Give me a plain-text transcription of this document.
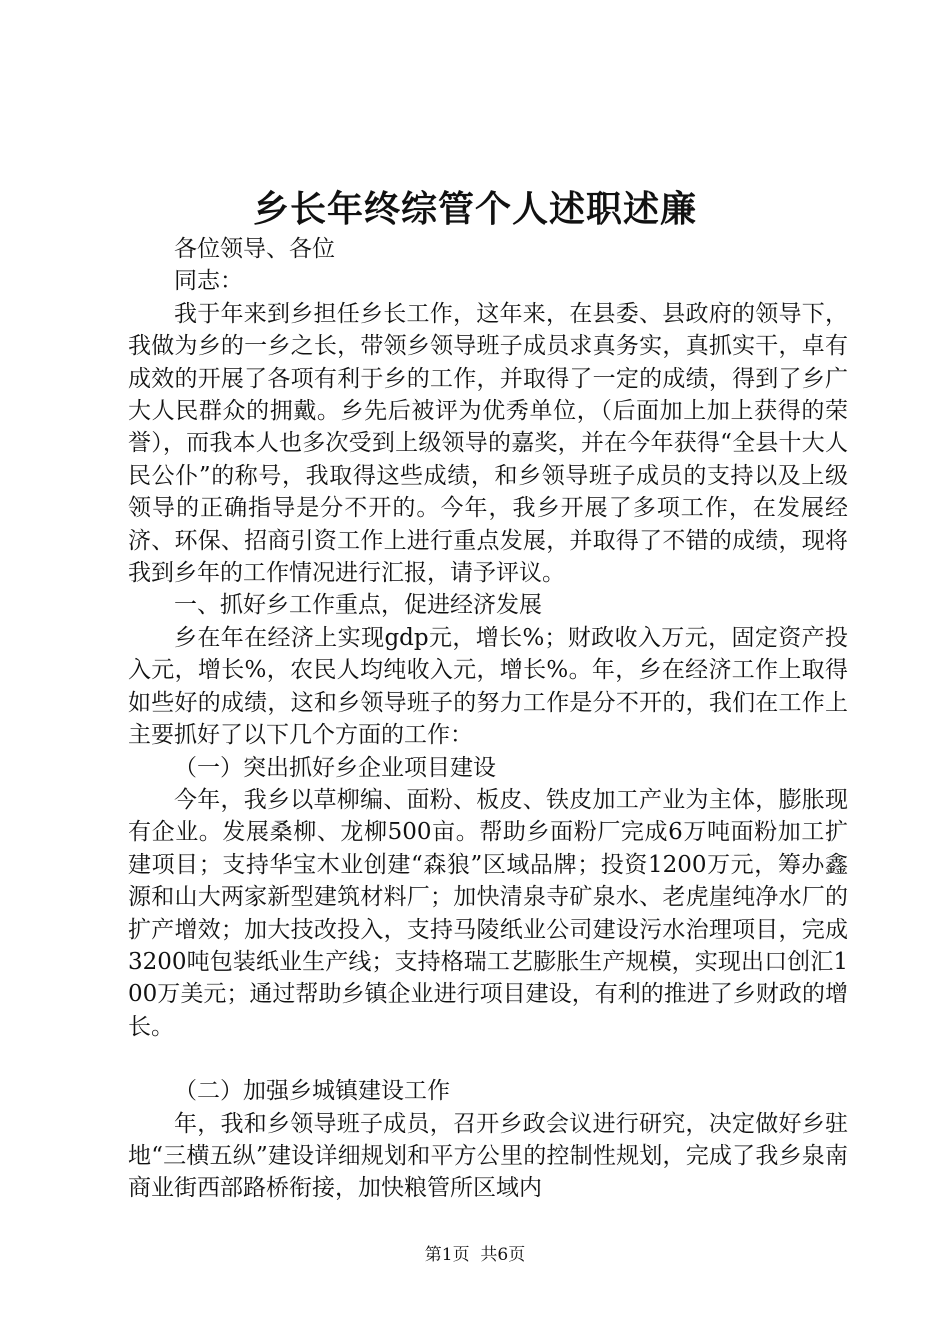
乡长年终综管个人述职述廉

各位领导、各位

同志：

我于年来到乡担任乡长工作，这年来，在县委、县政府的领导下，我做为乡的一乡之长，带领乡领导班子成员求真务实，真抓实干，卓有成效的开展了各项有利于乡的工作，并取得了一定的成绩，得到了乡广大人民群众的拥戴。乡先后被评为优秀单位，（后面加上加上获得的荣誉），而我本人也多次受到上级领导的嘉奖，并在今年获得“全县十大人民公仆”的称号，我取得这些成绩，和乡领导班子成员的支持以及上级领导的正确指导是分不开的。今年，我乡开展了多项工作，在发展经济、环保、招商引资工作上进行重点发展，并取得了不错的成绩，现将我到乡年的工作情况进行汇报，请予评议。

一、抓好乡工作重点，促进经济发展

乡在年在经济上实现gdp元，增长%；财政收入万元，固定资产投入元，增长%，农民人均纯收入元，增长%。年，乡在经济工作上取得如些好的成绩，这和乡领导班子的努力工作是分不开的，我们在工作上主要抓好了以下几个方面的工作：

（一）突出抓好乡企业项目建设

今年，我乡以草柳编、面粉、板皮、铁皮加工产业为主体，膨胀现有企业。发展桑柳、龙柳500亩。帮助乡面粉厂完成6万吨面粉加工扩建项目；支持华宝木业创建“森狼”区域品牌；投资1200万元，筹办鑫源和山大两家新型建筑材料厂；加快清泉寺矿泉水、老虎崖纯净水厂的扩产增效；加大技改投入，支持马陵纸业公司建设污水治理项目，完成3200吨包装纸业生产线；支持格瑞工艺膨胀生产规模，实现出口创汇100万美元；通过帮助乡镇企业进行项目建设，有利的推进了乡财政的增长。

（二）加强乡城镇建设工作

年，我和乡领导班子成员，召开乡政会议进行研究，决定做好乡驻地“三横五纵”建设详细规划和平方公里的控制性规划，完成了我乡泉南商业街西部路桥衔接，加快粮管所区域内

第1页 共6页
